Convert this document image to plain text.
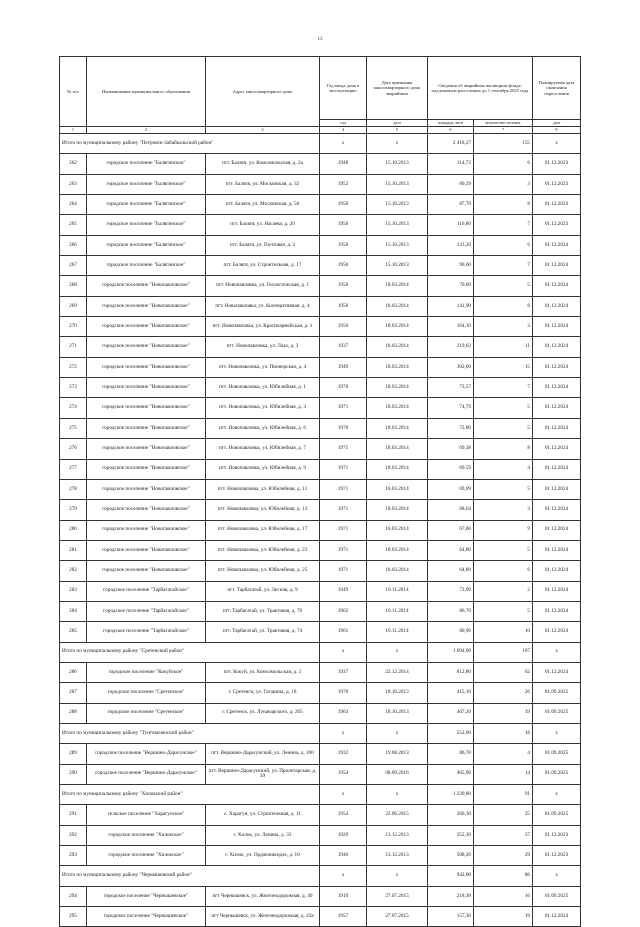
13
№ п/п	Наименование муниципального образования	Адрес многоквартирного дома	Год ввода дома в эксплуатацию	Дата признания многоквартирного дома аварийным	Сведения об аварийном жилищном фонде, подлежащем расселению до 1 сентября 2025 года		Планируемая дата окончания переселения
			год	дата	площадь, кв.м	количество человек	дата
1	2	3	4	5	6	7	8
Итого по муниципальному району "Петровск-Забайкальский район"			x	x	2 418,27	155	x
262	городское поселение "Балягинское"	пгт. Балягя, ул. Комсомольская, д. 2а	1948	15.10.2013	114,72	6	01.12.2023
263	городское поселение "Балягинское"	пгт. Балягя, ул. Московская, д. 32	1952	15.10.2013	60,29	3	01.12.2023
264	городское поселение "Балягинское"	пгт. Балягя, ул. Московская, д. 50	1950	15.10.2013	87,70	8	01.12.2023
265	городское поселение "Балягинское"	пгт. Балягя, ул. Нагаева, д. 20	1950	15.10.2013	116,80	7	01.12.2023
266	городское поселение "Балягинское"	пгт. Балягя, ул. Почтовая, д. 2	1950	15.10.2013	123,20	6	01.12.2024
267	городское поселение "Балягинское"	пгт. Балягя, ул. Строительная, д. 17	1950	15.10.2013	90,60	7	01.12.2024
268	городское поселение "Новопавловское"	пгт. Новопавловка, ул. Геологическая, д. 1	1950	18.03.2014	70,60	5	01.12.2024
269	городское поселение "Новопавловское"	пгт. Новопавловка, ул. Кооперативная, д. 4	1950	18.03.2014	141,90	8	01.12.2024
270	городское поселение "Новопавловское"	пгт. Новопавловка, ул. Красноармейская, д. 1	1950	18.03.2014	164,10	3	01.12.2024
271	городское поселение "Новопавловское"	пгт. Новопавловка, ул. Лазо, д. 3	1937	18.03.2014	219,63	11	01.12.2024
272	городское поселение "Новопавловское"	пгт. Новопавловка, ул. Пионерская, д. 4	1949	18.03.2014	302,00	15	01.12.2024
273	городское поселение "Новопавловское"	пгт. Новопавловка, ул. Юбилейная, д. 1	1970	18.03.2014	73,57	7	01.12.2024
274	городское поселение "Новопавловское"	пгт. Новопавловка, ул. Юбилейная, д. 3	1971	18.03.2014	74,79	5	01.12.2024
275	городское поселение "Новопавловское"	пгт. Новопавловка, ул. Юбилейная, д. 6	1970	18.03.2014	72,80	5	01.12.2024
276	городское поселение "Новопавловское"	пгт. Новопавловка, ул. Юбилейная, д. 7	1971	18.03.2014	69,38	8	01.12.2024
277	городское поселение "Новопавловское"	пгт. Новопавловка, ул. Юбилейная, д. 9	1971	18.03.2014	69,59	4	01.12.2024
278	городское поселение "Новопавловское"	пгт. Новопавловка, ул. Юбилейная, д. 11	1971	18.03.2014	69,09	5	01.12.2024
279	городское поселение "Новопавловское"	пгт. Новопавловка, ул. Юбилейная, д. 13	1971	18.03.2014	68,64	3	01.12.2024
280	городское поселение "Новопавловское"	пгт. Новопавловка, ул. Юбилейная, д. 17	1971	18.03.2014	67,80	9	01.12.2024
281	городское поселение "Новопавловское"	пгт. Новопавловка, ул. Юбилейная, д. 23	1971	18.03.2014	64,80	5	01.12.2024
282	городское поселение "Новопавловское"	пгт. Новопавловка, ул. Юбилейная, д. 25	1971	18.03.2014	64,80	6	01.12.2024
283	городское поселение "Тарбагатайское"	пгт. Тарбагатай, ул. Лесная, д. 9	1949	10.11.2014	73,90	2	01.12.2024
284	городское поселение "Тарбагатайское"	пгт. Тарбагатай, ул. Трактовая, д. 70	1962	10.11.2014	86,70	5	01.12.2024
285	городское поселение "Тарбагатайское"	пгт. Тарбагатай, ул. Трактовая, д. 74	1961	10.11.2014	80,96	10	01.12.2024
Итого по муниципальному району "Сретенский район"			x	x	1 694,90	107	x
286	городское поселение "Кокуйское"	пгт. Кокуй, ул. Комсомольская, д. 3	1937	22.12.2014	812,80	62	01.12.2024
287	городское поселение "Сретенское"	г. Сретенск, ул. Гагарина, д. 18	1970	18.10.2013	415,10	26	01.09.2025
288	городское поселение "Сретенское"	г. Сретенск, ул. Луначарского, д. 205	1963	18.10.2013	467,20	19	01.09.2025
Итого по муниципальному району "Тунгокоченский район"			x	x	552,60	18	x
289	городское поселение "Вершино-Дарасунское"	пгт. Вершино-Дарасунский, ул. Ленина, д. 100	1932	19.08.2013	86,70	4	01.09.2025
290	городское поселение "Вершино-Дарасунское"	пгт. Вершино-Дарасунский, ул. Пролетарская, д. 39	1954	08.09.2016	465,90	14	01.09.2025
Итого по муниципальному району "Хилокский район"			x	x	1 220,80	91	x
291	сельское поселение "Харагунское"	с. Харагун, ул. Строительная, д. 11	1954	22.06.2015	360,30	25	01.09.2025
292	городское поселение "Хилокское"	г. Хилок, ул. Ленина, д. 33	1929	13.12.2013	352,30	37	01.12.2023
293	городское поселение "Хилокское"	г. Хилок, ул. Орджоникидзе, д. 10	1940	13.12.2013	508,20	29	01.12.2023
Итого по муниципальному району "Чернышевский район"			x	x	942,00	86	x
294	городское поселение "Чернышевское"	пгт Чернышевск, ул. Железнодорожная, д. 40	1910	27.07.2015	218,30	16	01.09.2025
295	городское поселение "Чернышевское"	пгт Чернышевск, ул. Железнодорожная, д. 43а	1957	27.07.2015	157,30	19	01.12.2024
